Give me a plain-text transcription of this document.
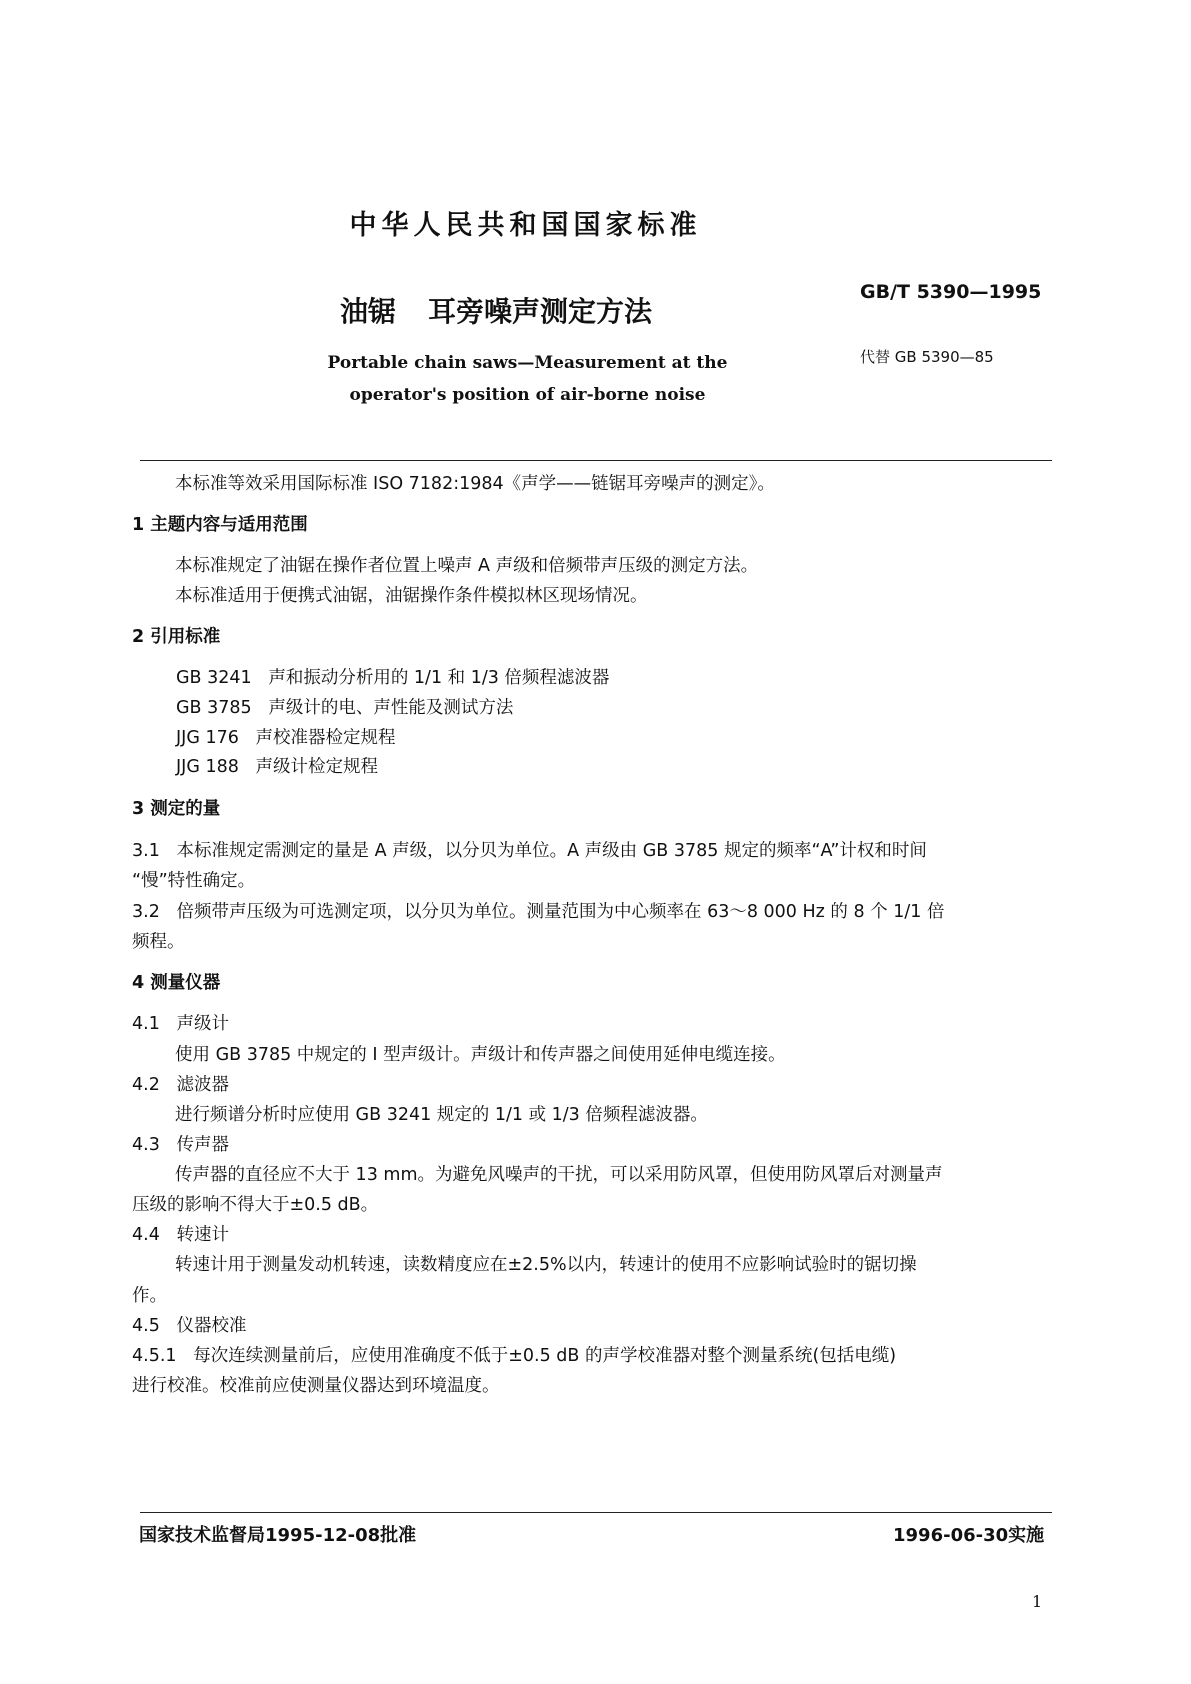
中华人民共和国国家标准
油锯 耳旁噪声测定方法
Portable chain saws—Measurement at the
operator's position of air-borne noise
GB/T 5390—1995
代替 GB 5390—85
本标准等效采用国际标准 ISO 7182:1984《声学——链锯耳旁噪声的测定》。
1 主题内容与适用范围
本标准规定了油锯在操作者位置上噪声 A 声级和倍频带声压级的测定方法。
本标准适用于便携式油锯，油锯操作条件模拟林区现场情况。
2 引用标准
GB 3241   声和振动分析用的 1/1 和 1/3 倍频程滤波器
GB 3785   声级计的电、声性能及测试方法
JJG 176   声校准器检定规程
JJG 188   声级计检定规程
3 测定的量
3.1   本标准规定需测定的量是 A 声级，以分贝为单位。A 声级由 GB 3785 规定的频率“A”计权和时间
“慢”特性确定。
3.2   倍频带声压级为可选测定项，以分贝为单位。测量范围为中心频率在 63～8 000 Hz 的 8 个 1/1 倍
频程。
4 测量仪器
4.1   声级计
使用 GB 3785 中规定的 I 型声级计。声级计和传声器之间使用延伸电缆连接。
4.2   滤波器
进行频谱分析时应使用 GB 3241 规定的 1/1 或 1/3 倍频程滤波器。
4.3   传声器
传声器的直径应不大于 13 mm。为避免风噪声的干扰，可以采用防风罩，但使用防风罩后对测量声
压级的影响不得大于±0.5 dB。
4.4   转速计
转速计用于测量发动机转速，读数精度应在±2.5%以内，转速计的使用不应影响试验时的锯切操
作。
4.5   仪器校准
4.5.1   每次连续测量前后，应使用准确度不低于±0.5 dB 的声学校准器对整个测量系统(包括电缆)
进行校准。校准前应使测量仪器达到环境温度。
国家技术监督局1995-12-08批准	1996-06-30实施
1
